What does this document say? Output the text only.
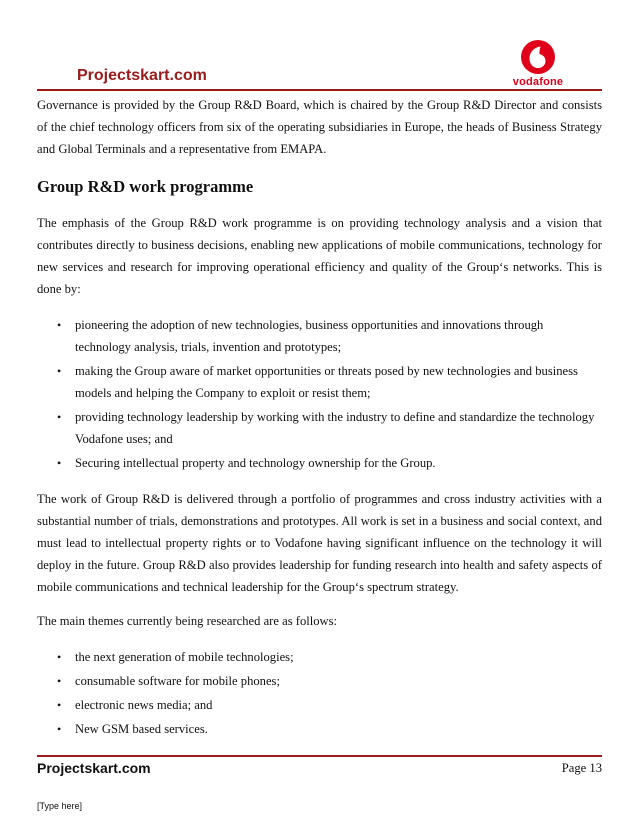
Projectskart.com	vodafone

Governance is provided by the Group R&D Board, which is chaired by the Group R&D Director and consists of the chief technology officers from six of the operating subsidiaries in Europe, the heads of Business Strategy and Global Terminals and a representative from EMAPA.

Group R&D work programme

The emphasis of the Group R&D work programme is on providing technology analysis and a vision that contributes directly to business decisions, enabling new applications of mobile communications, technology for new services and research for improving operational efficiency and quality of the Group‘s networks. This is done by:

•	pioneering the adoption of new technologies, business opportunities and innovations through technology analysis, trials, invention and prototypes;
•	making the Group aware of market opportunities or threats posed by new technologies and business models and helping the Company to exploit or resist them;
•	providing technology leadership by working with the industry to define and standardize the technology Vodafone uses; and
•	Securing intellectual property and technology ownership for the Group.

The work of Group R&D is delivered through a portfolio of programmes and cross industry activities with a substantial number of trials, demonstrations and prototypes. All work is set in a business and social context, and must lead to intellectual property rights or to Vodafone having significant influence on the technology it will deploy in the future. Group R&D also provides leadership for funding research into health and safety aspects of mobile communications and technical leadership for the Group‘s spectrum strategy.

The main themes currently being researched are as follows:

•	the next generation of mobile technologies;
•	consumable software for mobile phones;
•	electronic news media; and
•	New GSM based services.
Projectskart.com	Page 13
[Type here]
